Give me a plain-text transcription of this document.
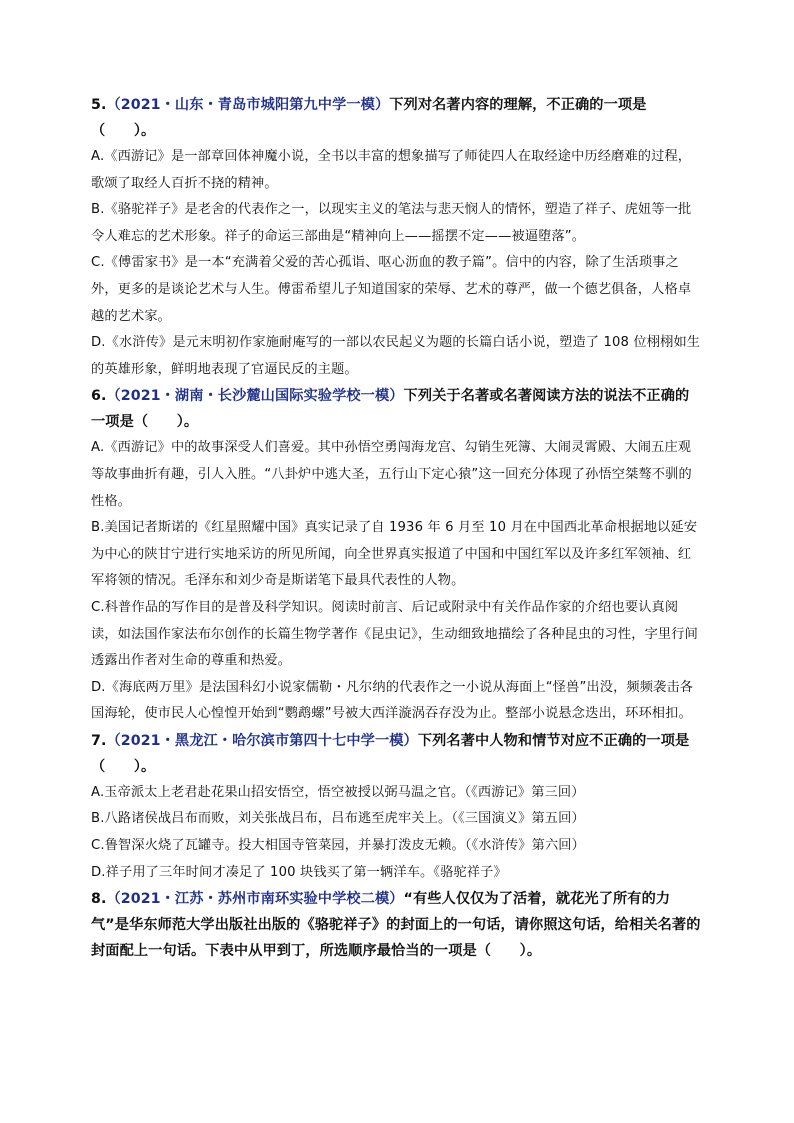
5.（2021・山东・青岛市城阳第九中学一模）下列对名著内容的理解，不正确的一项是（　　）。

A.《西游记》是一部章回体神魔小说，全书以丰富的想象描写了师徒四人在取经途中历经磨难的过程，歌颂了取经人百折不挠的精神。

B.《骆驼祥子》是老舍的代表作之一，以现实主义的笔法与悲天悯人的情怀，塑造了祥子、虎妞等一批令人难忘的艺术形象。祥子的命运三部曲是“精神向上——摇摆不定——被逼堕落”。

C.《傅雷家书》是一本“充满着父爱的苦心孤诣、呕心沥血的教子篇”。信中的内容，除了生活琐事之外，更多的是谈论艺术与人生。傅雷希望儿子知道国家的荣辱、艺术的尊严，做一个德艺俱备，人格卓越的艺术家。

D.《水浒传》是元末明初作家施耐庵写的一部以农民起义为题的长篇白话小说，塑造了 108 位栩栩如生的英雄形象，鲜明地表现了官逼民反的主题。

6.（2021・湖南・长沙麓山国际实验学校一模）下列关于名著或名著阅读方法的说法不正确的一项是（　　）。

A.《西游记》中的故事深受人们喜爱。其中孙悟空勇闯海龙宫、勾销生死簿、大闹灵霄殿、大闹五庄观等故事曲折有趣，引人入胜。“八卦炉中逃大圣，五行山下定心猿”这一回充分体现了孙悟空桀骜不驯的性格。

B.美国记者斯诺的《红星照耀中国》真实记录了自 1936 年 6 月至 10 月在中国西北革命根据地以延安为中心的陕甘宁进行实地采访的所见所闻，向全世界真实报道了中国和中国红军以及许多红军领袖、红军将领的情况。毛泽东和刘少奇是斯诺笔下最具代表性的人物。

C.科普作品的写作目的是普及科学知识。阅读时前言、后记或附录中有关作品作家的介绍也要认真阅读，如法国作家法布尔创作的长篇生物学著作《昆虫记》，生动细致地描绘了各种昆虫的习性，字里行间透露出作者对生命的尊重和热爱。

D.《海底两万里》是法国科幻小说家儒勒・凡尔纳的代表作之一小说从海面上“怪兽”出没，频频袭击各国海轮，使市民人心惶惶开始到“鹦鹉螺”号被大西洋漩涡吞存没为止。整部小说悬念迭出，环环相扣。

7.（2021・黑龙江・哈尔滨市第四十七中学一模）下列名著中人物和情节对应不正确的一项是（　　）。

A.玉帝派太上老君赴花果山招安悟空，悟空被授以弼马温之官。（《西游记》第三回）

B.八路诸侯战吕布而败，刘关张战吕布，吕布逃至虎牢关上。（《三国演义》第五回）

C.鲁智深火烧了瓦罐寺。投大相国寺管菜园，并暴打泼皮无赖。（《水浒传》第六回）

D.祥子用了三年时间才凑足了 100 块钱买了第一辆洋车。《骆驼祥子》

8.（2021・江苏・苏州市南环实验中学校二模）“有些人仅仅为了活着，就花光了所有的力气”是华东师范大学出版社出版的《骆驼祥子》的封面上的一句话，请你照这句话，给相关名著的封面配上一句话。下表中从甲到丁，所选顺序最恰当的一项是（　　）。
